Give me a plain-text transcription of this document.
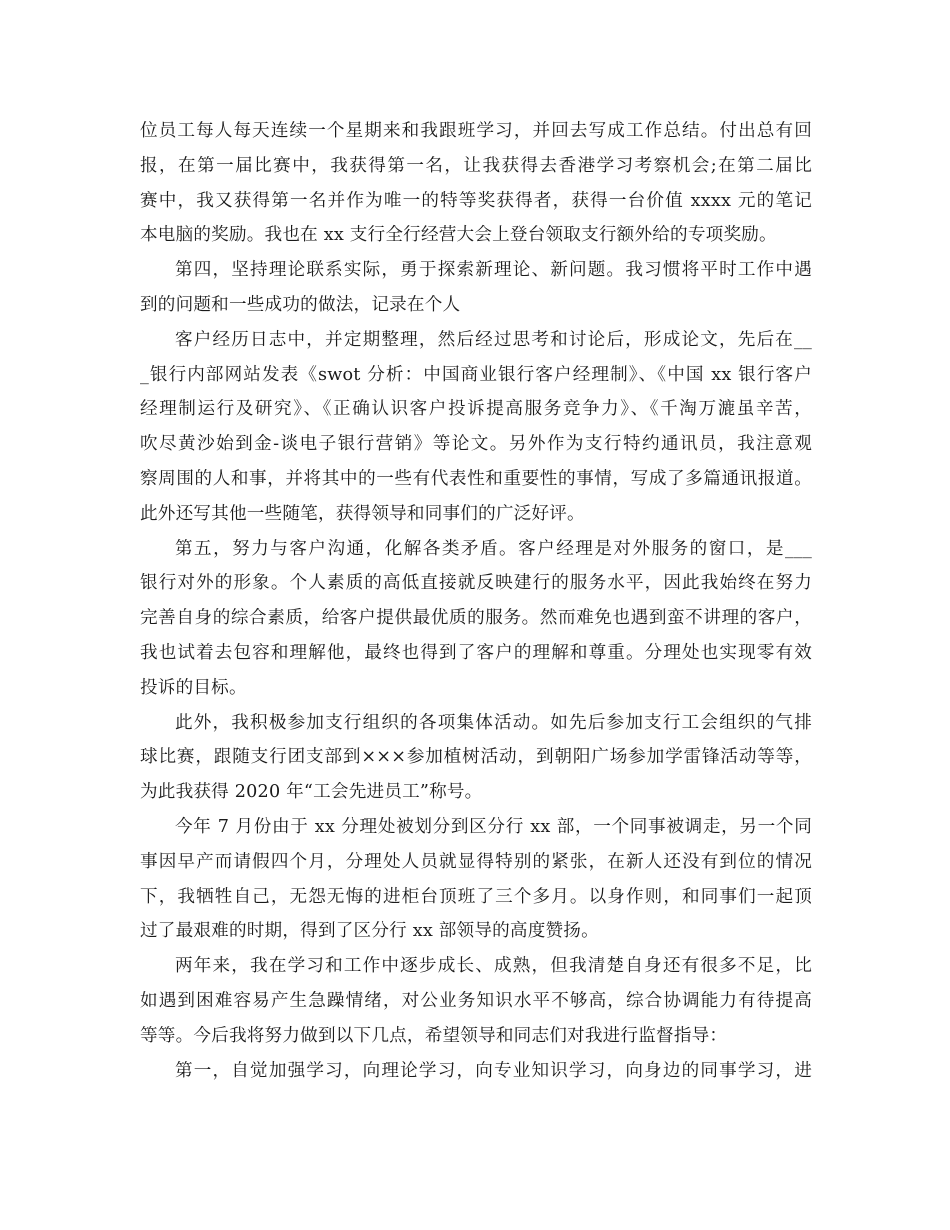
位员工每人每天连续一个星期来和我跟班学习，并回去写成工作总结。付出总有回
报，在第一届比赛中，我获得第一名，让我获得去香港学习考察机会;在第二届比
赛中，我又获得第一名并作为唯一的特等奖获得者，获得一台价值 xxxx 元的笔记
本电脑的奖励。我也在 xx 支行全行经营大会上登台领取支行额外给的专项奖励。
第四，坚持理论联系实际，勇于探索新理论、新问题。我习惯将平时工作中遇
到的问题和一些成功的做法，记录在个人
客户经历日志中，并定期整理，然后经过思考和讨论后，形成论文，先后在__
_银行内部网站发表《swot 分析：中国商业银行客户经理制》、《中国 xx 银行客户
经理制运行及研究》、《正确认识客户投诉提高服务竞争力》、《千淘万漉虽辛苦，
吹尽黄沙始到金-谈电子银行营销》等论文。另外作为支行特约通讯员，我注意观
察周围的人和事，并将其中的一些有代表性和重要性的事情，写成了多篇通讯报道。
此外还写其他一些随笔，获得领导和同事们的广泛好评。
第五，努力与客户沟通，化解各类矛盾。客户经理是对外服务的窗口，是___
银行对外的形象。个人素质的高低直接就反映建行的服务水平，因此我始终在努力
完善自身的综合素质，给客户提供最优质的服务。然而难免也遇到蛮不讲理的客户，
我也试着去包容和理解他，最终也得到了客户的理解和尊重。分理处也实现零有效
投诉的目标。
此外，我积极参加支行组织的各项集体活动。如先后参加支行工会组织的气排
球比赛，跟随支行团支部到×××参加植树活动，到朝阳广场参加学雷锋活动等等，
为此我获得 2020 年“工会先进员工”称号。
今年 7 月份由于 xx 分理处被划分到区分行 xx 部，一个同事被调走，另一个同
事因早产而请假四个月，分理处人员就显得特别的紧张，在新人还没有到位的情况
下，我牺牲自己，无怨无悔的进柜台顶班了三个多月。以身作则，和同事们一起顶
过了最艰难的时期，得到了区分行 xx 部领导的高度赞扬。
两年来，我在学习和工作中逐步成长、成熟，但我清楚自身还有很多不足，比
如遇到困难容易产生急躁情绪，对公业务知识水平不够高，综合协调能力有待提高
等等。今后我将努力做到以下几点，希望领导和同志们对我进行监督指导：
第一，自觉加强学习，向理论学习，向专业知识学习，向身边的同事学习，进
